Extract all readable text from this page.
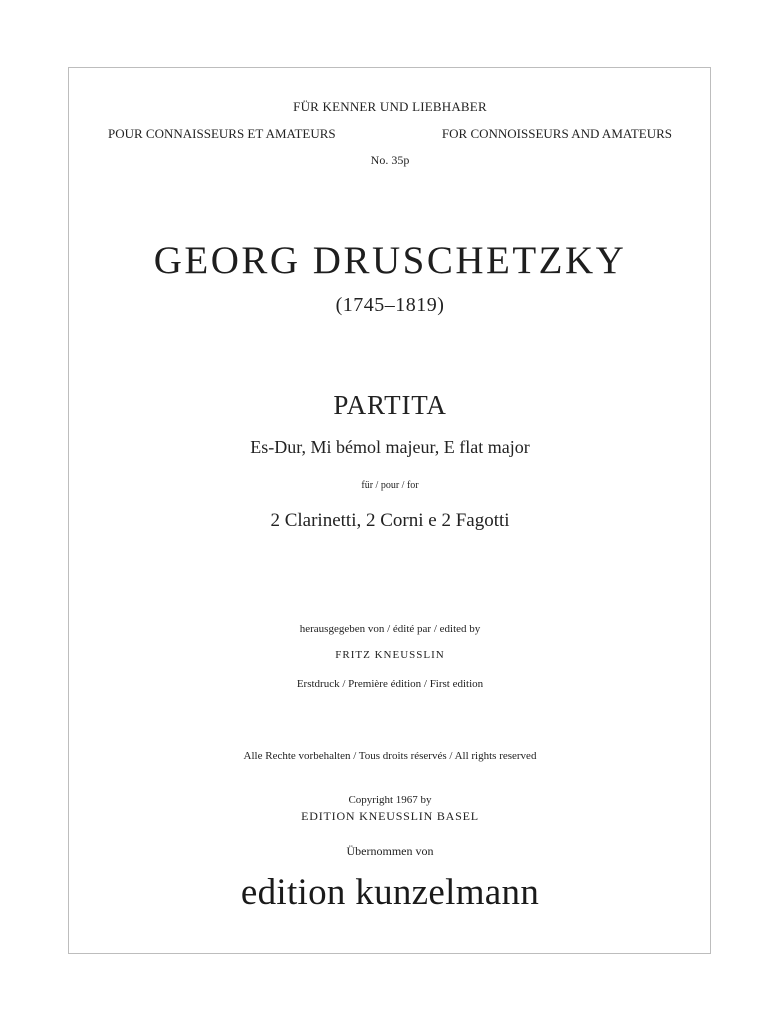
FÜR KENNER UND LIEBHABER
POUR CONNAISSEURS ET AMATEURS	FOR CONNOISSEURS AND AMATEURS
No. 35p
GEORG DRUSCHETZKY
(1745–1819)
PARTITA
Es-Dur, Mi bémol majeur, E flat major
für / pour / for
2 Clarinetti, 2 Corni e 2 Fagotti
herausgegeben von / édité par / edited by
FRITZ KNEUSSLIN
Erstdruck / Première édition / First edition
Alle Rechte vorbehalten / Tous droits réservés / All rights reserved
Copyright 1967 by
EDITION KNEUSSLIN BASEL
Übernommen von
edition kunzelmann
